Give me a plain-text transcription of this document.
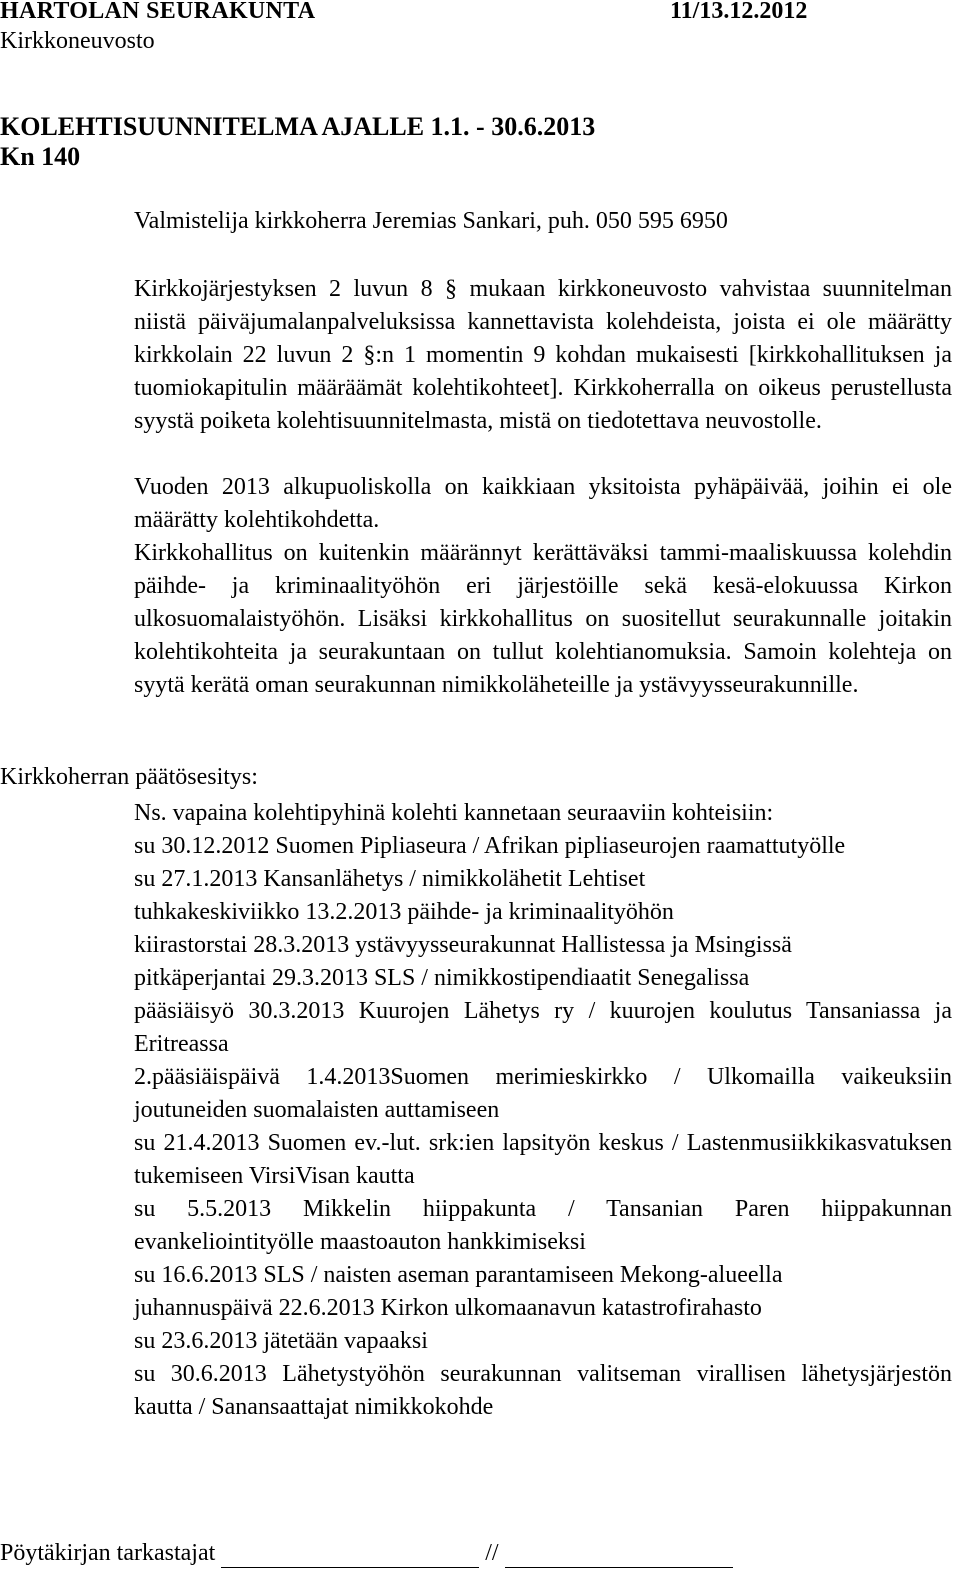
HARTOLAN SEURAKUNTA	11/13.12.2012
Kirkkoneuvosto
KOLEHTISUUNNITELMA AJALLE 1.1. - 30.6.2013
Kn 140
Valmistelija kirkkoherra Jeremias Sankari, puh. 050 595 6950
Kirkkojärjestyksen 2 luvun 8 § mukaan kirkkoneuvosto vahvistaa suunnitelman niistä päiväjumalanpalveluksissa kannettavista kolehdeista, joista ei ole määrätty kirkkolain 22 luvun 2 §:n 1 momentin 9 kohdan mukaisesti [kirkkohallituksen ja tuomiokapitulin määräämät kolehtikohteet]. Kirkkoherralla on oikeus perustellusta syystä poiketa kolehtisuunnitelmasta, mistä on tiedotettava neuvostolle.
Vuoden 2013 alkupuoliskolla on kaikkiaan yksitoista pyhäpäivää, joihin ei ole määrätty kolehtikohdetta.
Kirkkohallitus on kuitenkin määrännyt kerättäväksi tammi-maaliskuussa kolehdin päihde- ja kriminaalityöhön eri järjestöille sekä kesä-elokuussa Kirkon ulkosuomalaistyöhön. Lisäksi kirkkohallitus on suositellut seurakunnalle joitakin kolehtikohteita ja seurakuntaan on tullut kolehtianomuksia. Samoin kolehteja on syytä kerätä oman seurakunnan nimikkoläheteille ja ystävyysseurakunnille.
Kirkkoherran päätösesitys:
Ns. vapaina kolehtipyhinä kolehti kannetaan seuraaviin kohteisiin:
su 30.12.2012 Suomen Pipliaseura / Afrikan pipliaseurojen raamattutyölle
su 27.1.2013 Kansanlähetys / nimikkolähetit Lehtiset
tuhkakeskiviikko 13.2.2013 päihde- ja kriminaalityöhön
kiirastorstai 28.3.2013 ystävyysseurakunnat Hallistessa ja Msingissä
pitkäperjantai 29.3.2013 SLS / nimikkostipendiaatit Senegalissa
pääsiäisyö 30.3.2013 Kuurojen Lähetys ry / kuurojen koulutus Tansaniassa ja Eritreassa
2.pääsiäispäivä 1.4.2013Suomen merimieskirkko / Ulkomailla vaikeuksiin joutuneiden suomalaisten auttamiseen
su 21.4.2013 Suomen ev.-lut. srk:ien lapsityön keskus / Lastenmusiikkikasvatuksen tukemiseen VirsiVisan kautta
su 5.5.2013 Mikkelin hiippakunta / Tansanian Paren hiippakunnan evankeliointityölle maastoauton hankkimiseksi
su 16.6.2013 SLS / naisten aseman parantamiseen Mekong-alueella
juhannuspäivä 22.6.2013 Kirkon ulkomaanavun katastrofirahasto
su 23.6.2013 jätetään vapaaksi
su 30.6.2013 Lähetystyöhön seurakunnan valitseman virallisen lähetysjärjestön kautta / Sanansaattajat nimikkokohde
Pöytäkirjan tarkastajat	//
